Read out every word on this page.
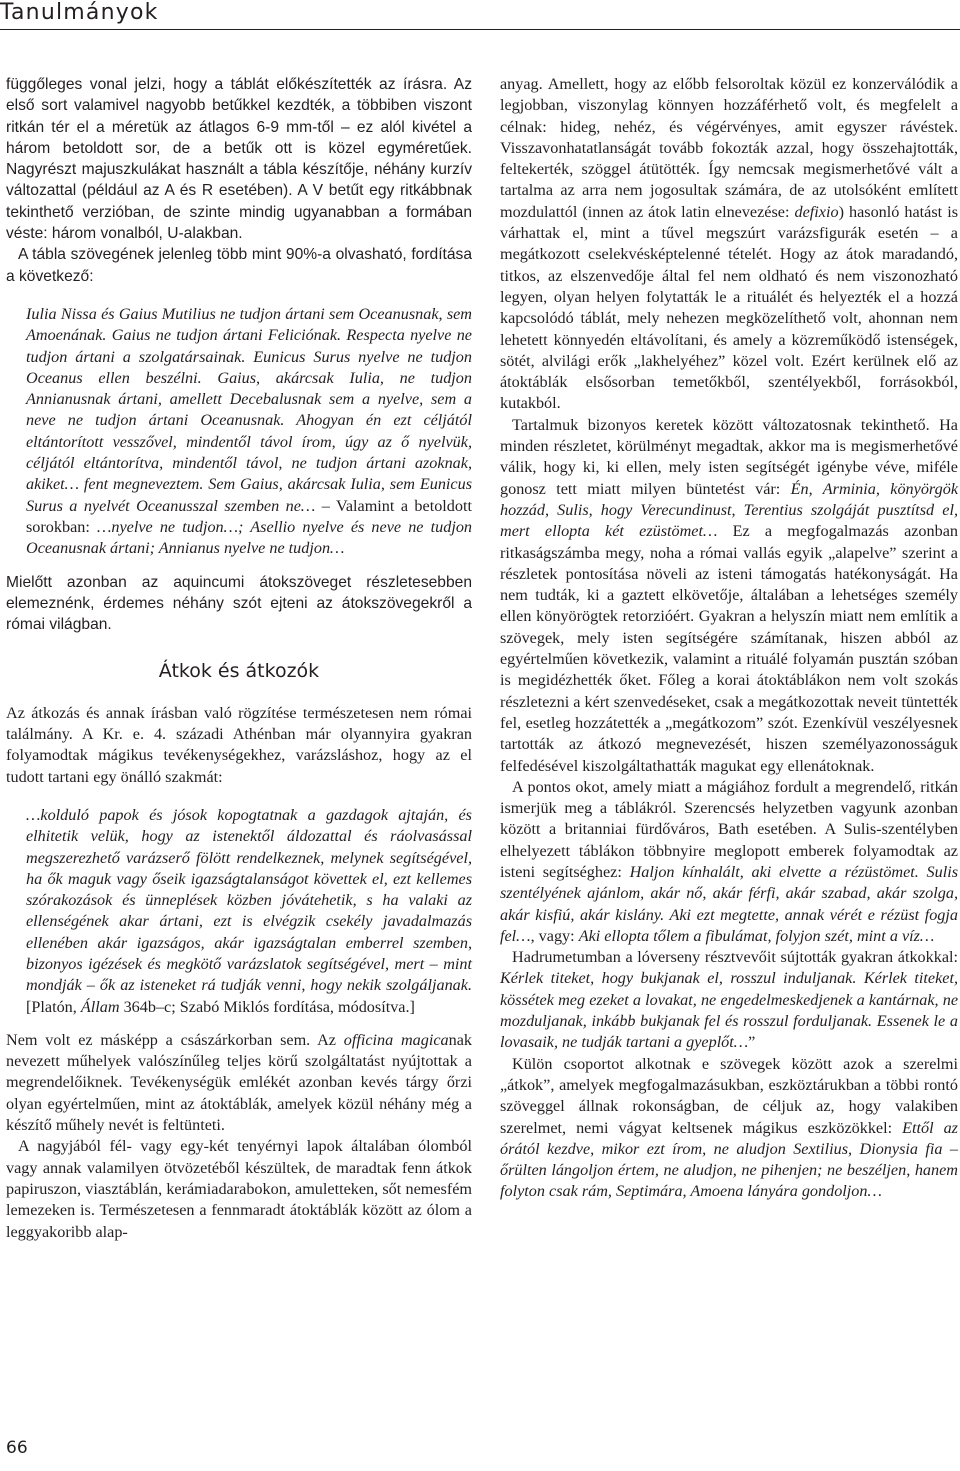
Tanulmányok

függőleges vonal jelzi, hogy a táblát előkészítették az írásra. Az első sort valamivel nagyobb betűkkel kezdték, a többiben viszont ritkán tér el a méretük az átlagos 6-9 mm-től – ez alól kivétel a három betoldott sor, de a betűk ott is közel egyméretűek. Nagyrészt majuszkulákat használt a tábla készítője, néhány kurzív változattal (például az A és R esetében). A V betűt egy ritkábbnak tekinthető verzióban, de szinte mindig ugyanabban a formában véste: három vonalból, U-alakban.

A tábla szövegének jelenleg több mint 90%-a olvasható, fordítása a következő:

Iulia Nissa és Gaius Mutilius ne tudjon ártani sem Oceanusnak, sem Amoenának. Gaius ne tudjon ártani Feliciónak. Respecta nyelve ne tudjon ártani a szolgatársainak. Eunicus Surus nyelve ne tudjon Oceanus ellen beszélni. Gaius, akárcsak Iulia, ne tudjon Annianusnak ártani, amellett Decebalusnak sem a nyelve, sem a neve ne tudjon ártani Oceanusnak. Ahogyan én ezt céljától eltántorított vesszővel, mindentől távol írom, úgy az ő nyelvük, céljától eltántorítva, mindentől távol, ne tudjon ártani azoknak, akiket… fent megneveztem. Sem Gaius, akárcsak Iulia, sem Eunicus Surus a nyelvét Oceanusszal szemben ne… – Valamint a betoldott sorokban: …nyelve ne tudjon…; Asellio nyelve és neve ne tudjon Oceanusnak ártani; Annianus nyelve ne tudjon…

Mielőtt azonban az aquincumi átokszöveget részletesebben elemeznénk, érdemes néhány szót ejteni az átokszövegekről a római világban.

Átkok és átkozók

Az átkozás és annak írásban való rögzítése természetesen nem római találmány. A Kr. e. 4. századi Athénban már olyannyira gyakran folyamodtak mágikus tevékenységekhez, varázsláshoz, hogy az el tudott tartani egy önálló szakmát:

…kolduló papok és jósok kopogtatnak a gazdagok ajtaján, és elhitetik velük, hogy az istenektől áldozattal és ráolvasással megszerezhető varázserő fölött rendelkeznek, melynek segítségével, ha ők maguk vagy őseik igazságtalanságot követtek el, ezt kellemes szórakozások és ünneplések közben jóvátehetik, s ha valaki az ellenségének akar ártani, ezt is elvégzik csekély javadalmazás ellenében akár igazságos, akár igazságtalan emberrel szemben, bizonyos igézések és megkötő varázslatok segítségével, mert – mint mondják – ők az isteneket rá tudják venni, hogy nekik szolgáljanak. [Platón, Állam 364b–c; Szabó Miklós fordítása, módosítva.]

Nem volt ez másképp a császárkorban sem. Az officina magicanak nevezett műhelyek valószínűleg teljes körű szolgáltatást nyújtottak a megrendelőiknek. Tevékenységük emlékét azonban kevés tárgy őrzi olyan egyértelműen, mint az átoktáblák, amelyek közül néhány még a készítő műhely nevét is feltünteti.

A nagyjából fél- vagy egy-két tenyérnyi lapok általában ólomból vagy annak valamilyen ötvözetéből készültek, de maradtak fenn átkok papiruszon, viasztáblán, kerámiadarabokon, amuletteken, sőt nemesfém lemezeken is. Természetesen a fennmaradt átoktáblák között az ólom a leggyakoribb alap-

anyag. Amellett, hogy az előbb felsoroltak közül ez konzerválódik a legjobban, viszonylag könnyen hozzáférhető volt, és megfelelt a célnak: hideg, nehéz, és végérvényes, amit egyszer rávéstek. Visszavonhatatlanságát tovább fokozták azzal, hogy összehajtották, feltekerték, szöggel átütötték. Így nemcsak megismerhetővé vált a tartalma az arra nem jogosultak számára, de az utolsóként említett mozdulattól (innen az átok latin elnevezése: defixio) hasonló hatást is várhattak el, mint a tűvel megszúrt varázsfigurák esetén – a megátkozott cselekvésképtelenné tételét. Hogy az átok maradandó, titkos, az elszenvedője által fel nem oldható és nem viszonozható legyen, olyan helyen folytatták le a rituálét és helyezték el a hozzá kapcsolódó táblát, mely nehezen megközelíthető volt, ahonnan nem lehetett könnyedén eltávolítani, és amely a közreműködő istenségek, sötét, alvilági erők „lakhelyéhez” közel volt. Ezért kerülnek elő az átoktáblák elsősorban temetőkből, szentélyekből, forrásokból, kutakból.

Tartalmuk bizonyos keretek között változatosnak tekinthető. Ha minden részletet, körülményt megadtak, akkor ma is megismerhetővé válik, hogy ki, ki ellen, mely isten segítségét igénybe véve, miféle gonosz tett miatt milyen büntetést vár: Én, Arminia, könyörgök hozzád, Sulis, hogy Verecundinust, Terentius szolgáját pusztítsd el, mert ellopta két ezüstömet… Ez a megfogalmazás azonban ritkaságszámba megy, noha a római vallás egyik „alapelve” szerint a részletek pontosítása növeli az isteni támogatás hatékonyságát. Ha nem tudták, ki a gaztett elkövetője, általában a lehetséges személy ellen könyörögtek retorzióért. Gyakran a helyszín miatt nem említik a szövegek, mely isten segítségére számítanak, hiszen abból az egyértelműen következik, valamint a rituálé folyamán pusztán szóban is megidézhették őket. Főleg a korai átoktáblákon nem volt szokás részletezni a kért szenvedéseket, csak a megátkozottak neveit tüntették fel, esetleg hozzátették a „megátkozom” szót. Ezenkívül veszélyesnek tartották az átkozó megnevezését, hiszen személyazonosságuk felfedésével kiszolgáltathatták magukat egy ellenátoknak.

A pontos okot, amely miatt a mágiához fordult a megrendelő, ritkán ismerjük meg a táblákról. Szerencsés helyzetben vagyunk azonban között a britanniai fürdőváros, Bath esetében. A Sulis-szentélyben elhelyezett táblákon többnyire meglopott emberek folyamodtak az isteni segítséghez: Haljon kínhalált, aki elvette a rézüstömet. Sulis szentélyének ajánlom, akár nő, akár férfi, akár szabad, akár szolga, akár kisfiú, akár kislány. Aki ezt megtette, annak vérét e rézüst fogja fel…, vagy: Aki ellopta tőlem a fibulámat, folyjon szét, mint a víz…

Hadrumetumban a lóverseny résztvevőit sújtották gyakran átkokkal: Kérlek titeket, hogy bukjanak el, rosszul induljanak. Kérlek titeket, kössétek meg ezeket a lovakat, ne engedelmeskedjenek a kantárnak, ne mozduljanak, inkább bukjanak fel és rosszul forduljanak. Essenek le a lovasaik, ne tudják tartani a gyeplőt…”

Külön csoportot alkotnak e szövegek között azok a szerelmi „átkok”, amelyek megfogalmazásukban, eszköztárukban a többi rontó szöveggel állnak rokonságban, de céljuk az, hogy valakiben szerelmet, nemi vágyat keltsenek mágikus eszközökkel: Ettől az órától kezdve, mikor ezt írom, ne aludjon Sextilius, Dionysia fia – őrülten lángoljon értem, ne aludjon, ne pihenjen; ne beszéljen, hanem folyton csak rám, Septimára, Amoena lányára gondoljon…

66
